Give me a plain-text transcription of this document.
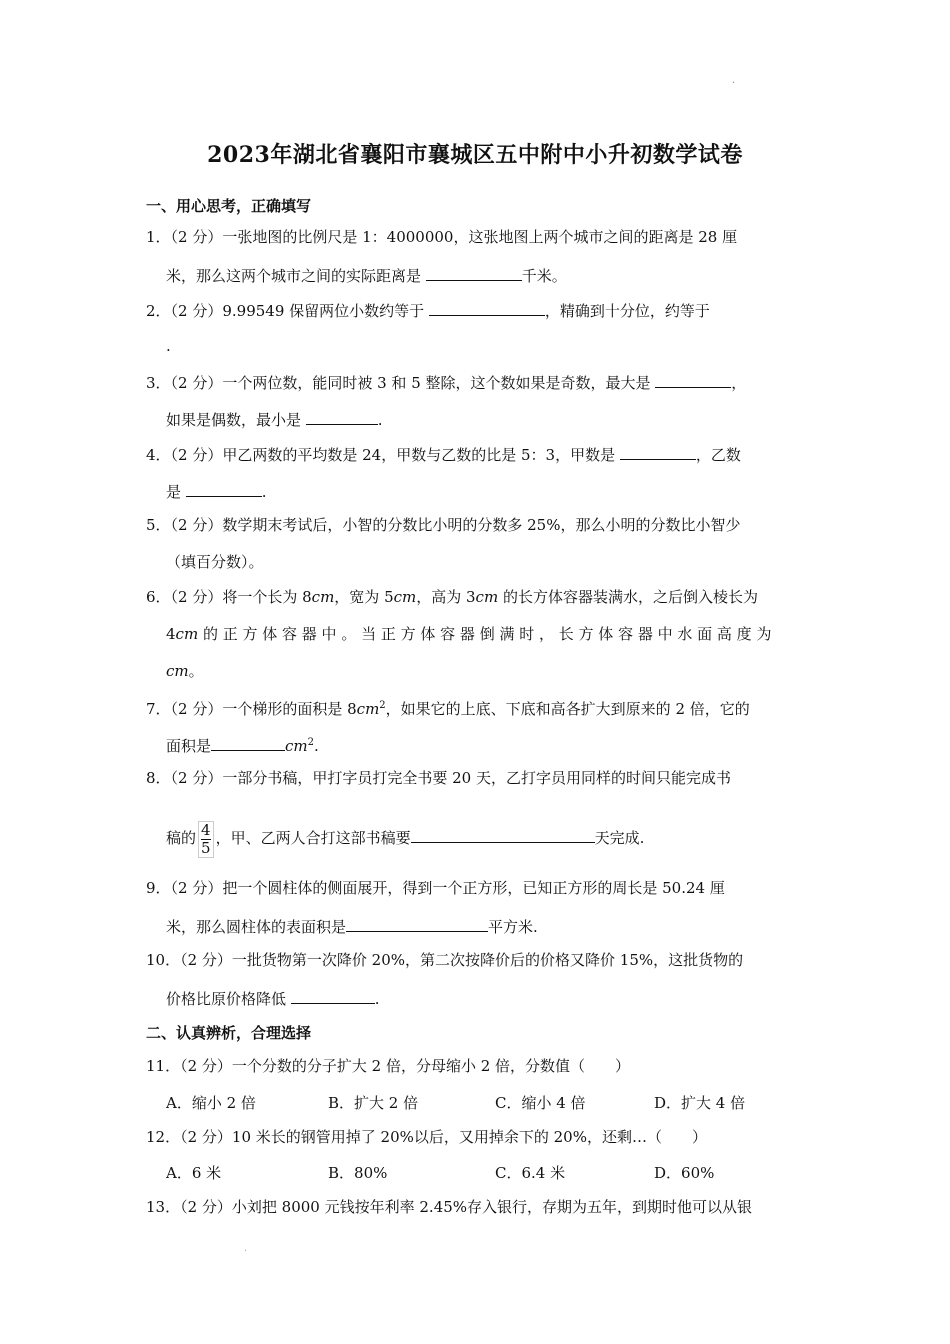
·
2023年湖北省襄阳市襄城区五中附中小升初数学试卷
一、用心思考，正确填写
1．（2 分）一张地图的比例尺是 1：4000000，这张地图上两个城市之间的距离是 28 厘
米，那么这两个城市之间的实际距离是	千米。
2．（2 分）9.99549 保留两位小数约等于	，精确到十分位，约等于
.
3．（2 分）一个两位数，能同时被 3 和 5 整除，这个数如果是奇数，最大是	，
如果是偶数，最小是	.
4．（2 分）甲乙两数的平均数是 24，甲数与乙数的比是 5：3，甲数是	，乙数
是	.
5．（2 分）数学期末考试后，小智的分数比小明的分数多 25%，那么小明的分数比小智少
（填百分数）。
6．（2 分）将一个长为 8cm，宽为 5cm，高为 3cm 的长方体容器装满水，之后倒入棱长为
4cm 的 正 方 体 容 器 中 。 当 正 方 体 容 器 倒 满 时 ， 长 方 体 容 器 中 水 面 高 度 为
cm。
7．（2 分）一个梯形的面积是 $8cm^2$，如果它的上底、下底和高各扩大到原来的 2 倍，它的
面积是	$cm^2$.
8．（2 分）一部分书稿，甲打字员打完全书要 20 天，乙打字员用同样的时间只能完成书
稿的 $\frac{4}{5}$ ，甲、乙两人合打这部书稿要	天完成.
9．（2 分）把一个圆柱体的侧面展开，得到一个正方形，已知正方形的周长是 50.24 厘
米，那么圆柱体的表面积是	平方米.
10．（2 分）一批货物第一次降价 20%，第二次按降价后的价格又降价 15%，这批货物的
价格比原价格降低	.
二、认真辨析，合理选择
11．（2 分）一个分数的分子扩大 2 倍，分母缩小 2 倍，分数值（　　）
A．缩小 2 倍	B．扩大 2 倍	C．缩小 4 倍	D．扩大 4 倍
12．（2 分）10 米长的钢管用掉了 20%以后，又用掉余下的 20%，还剩…（　　）
A．6 米	B．80%	C．6.4 米	D．60%
13．（2 分）小刘把 8000 元钱按年利率 2.45%存入银行，存期为五年，到期时他可以从银
·
